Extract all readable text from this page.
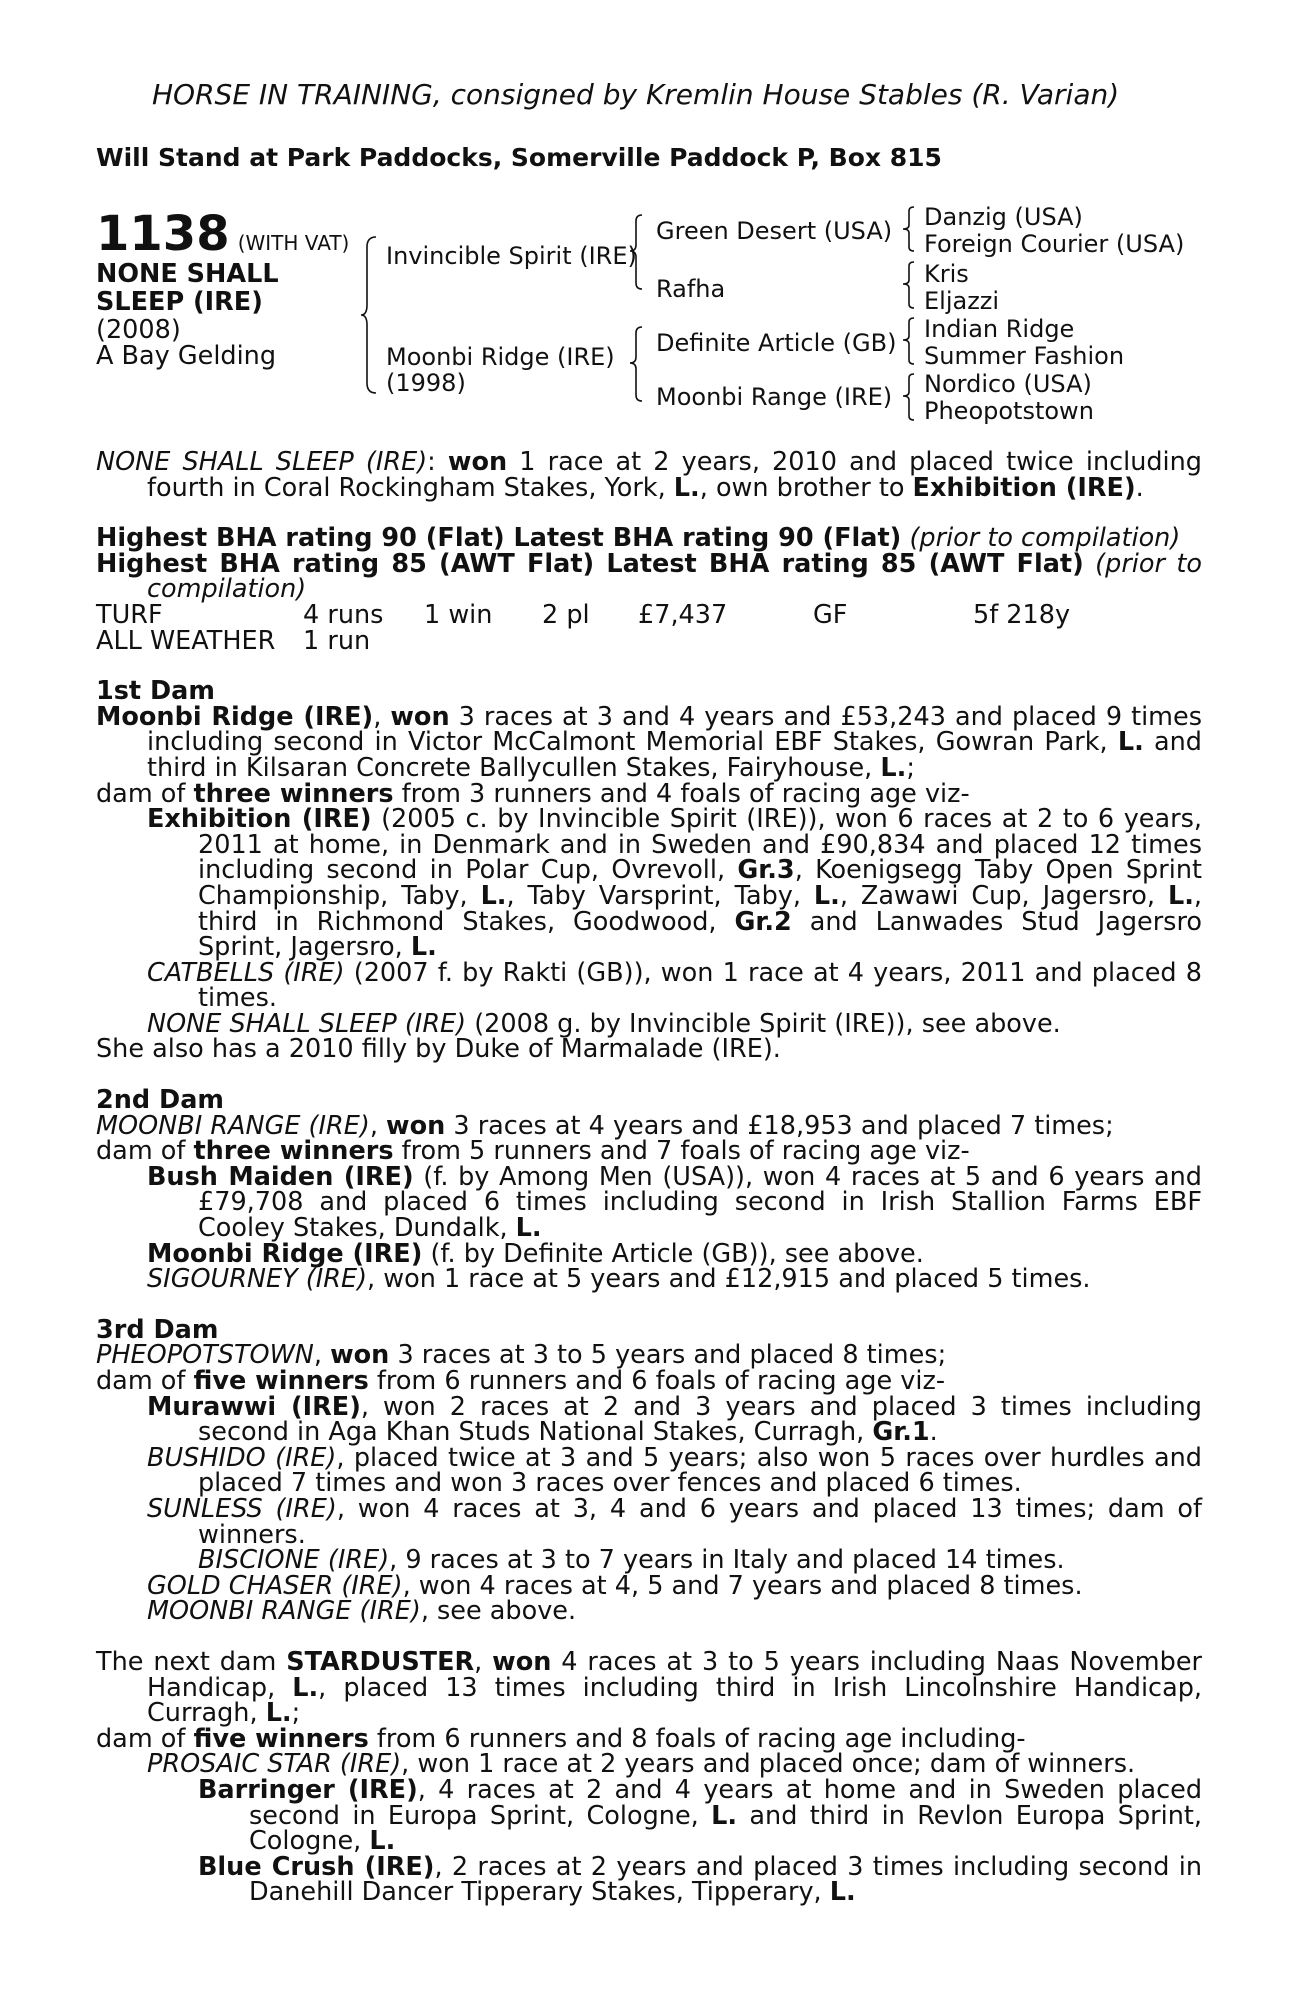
HORSE IN TRAINING, consigned by Kremlin House Stables (R. Varian)
Will Stand at Park Paddocks, Somerville Paddock P, Box 815
1138 (WITH VAT)
NONE SHALL
SLEEP (IRE)
(2008)
A Bay Gelding
Invincible Spirit (IRE)
Moonbi Ridge (IRE)
(1998)
Green Desert (USA)
Rafha
Definite Article (GB)
Moonbi Range (IRE)
Danzig (USA)
Foreign Courier (USA)
Kris
Eljazzi
Indian Ridge
Summer Fashion
Nordico (USA)
Pheopotstown

NONE SHALL SLEEP (IRE): won 1 race at 2 years, 2010 and placed twice including fourth in Coral Rockingham Stakes, York, L., own brother to Exhibition (IRE).

Highest BHA rating 90 (Flat) Latest BHA rating 90 (Flat) (prior to compilation)

Highest BHA rating 85 (AWT Flat) Latest BHA rating 85 (AWT Flat) (prior to compilation)

TURF	4 runs 1 win 2 pl £7,437	GF	5f 218y
ALL WEATHER 1 run

1st Dam

Moonbi Ridge (IRE), won 3 races at 3 and 4 years and £53,243 and placed 9 times including second in Victor McCalmont Memorial EBF Stakes, Gowran Park, L. and third in Kilsaran Concrete Ballycullen Stakes, Fairyhouse, L.;

dam of three winners from 3 runners and 4 foals of racing age viz-

Exhibition (IRE) (2005 c. by Invincible Spirit (IRE)), won 6 races at 2 to 6 years, 2011 at home, in Denmark and in Sweden and £90,834 and placed 12 times including second in Polar Cup, Ovrevoll, Gr.3, Koenigsegg Taby Open Sprint Championship, Taby, L., Taby Varsprint, Taby, L., Zawawi Cup, Jagersro, L., third in Richmond Stakes, Goodwood, Gr.2 and Lanwades Stud Jagersro Sprint, Jagersro, L.

CATBELLS (IRE) (2007 f. by Rakti (GB)), won 1 race at 4 years, 2011 and placed 8 times.

NONE SHALL SLEEP (IRE) (2008 g. by Invincible Spirit (IRE)), see above.

She also has a 2010 filly by Duke of Marmalade (IRE).

2nd Dam

MOONBI RANGE (IRE), won 3 races at 4 years and £18,953 and placed 7 times;

dam of three winners from 5 runners and 7 foals of racing age viz-

Bush Maiden (IRE) (f. by Among Men (USA)), won 4 races at 5 and 6 years and £79,708 and placed 6 times including second in Irish Stallion Farms EBF Cooley Stakes, Dundalk, L.

Moonbi Ridge (IRE) (f. by Definite Article (GB)), see above.

SIGOURNEY (IRE), won 1 race at 5 years and £12,915 and placed 5 times.

3rd Dam

PHEOPOTSTOWN, won 3 races at 3 to 5 years and placed 8 times;

dam of five winners from 6 runners and 6 foals of racing age viz-

Murawwi (IRE), won 2 races at 2 and 3 years and placed 3 times including second in Aga Khan Studs National Stakes, Curragh, Gr.1.

BUSHIDO (IRE), placed twice at 3 and 5 years; also won 5 races over hurdles and placed 7 times and won 3 races over fences and placed 6 times.

SUNLESS (IRE), won 4 races at 3, 4 and 6 years and placed 13 times; dam of winners.

BISCIONE (IRE), 9 races at 3 to 7 years in Italy and placed 14 times.

GOLD CHASER (IRE), won 4 races at 4, 5 and 7 years and placed 8 times.

MOONBI RANGE (IRE), see above.

The next dam STARDUSTER, won 4 races at 3 to 5 years including Naas November Handicap, L., placed 13 times including third in Irish Lincolnshire Handicap, Curragh, L.;

dam of five winners from 6 runners and 8 foals of racing age including-

PROSAIC STAR (IRE), won 1 race at 2 years and placed once; dam of winners.

Barringer (IRE), 4 races at 2 and 4 years at home and in Sweden placed second in Europa Sprint, Cologne, L. and third in Revlon Europa Sprint, Cologne, L.

Blue Crush (IRE), 2 races at 2 years and placed 3 times including second in Danehill Dancer Tipperary Stakes, Tipperary, L.
